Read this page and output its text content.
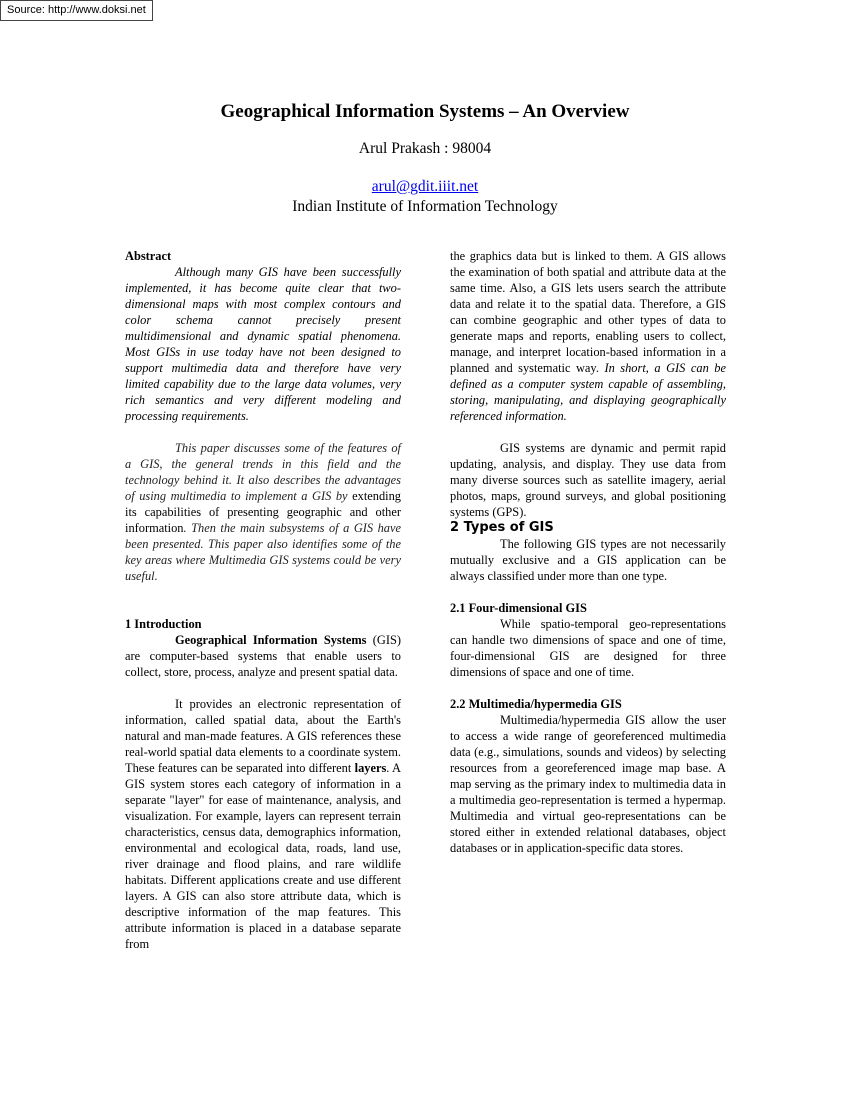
Source: http://www.doksi.net
Geographical Information Systems – An Overview
Arul Prakash : 98004
arul@gdit.iiit.net
Indian Institute of Information Technology

Abstract

Although many GIS have been successfully implemented, it has become quite clear that two-dimensional maps with most complex contours and color schema cannot precisely present multidimensional and dynamic spatial phenomena. Most GISs in use today have not been designed to support multimedia data and therefore have very limited capability due to the large data volumes, very rich semantics and very different modeling and processing requirements.

This paper discusses some of the features of a GIS, the general trends in this field and the technology behind it. It also describes the advantages of using multimedia to implement a GIS by extending its capabilities of presenting geographic and other information. Then the main subsystems of a GIS have been presented. This paper also identifies some of the key areas where Multimedia GIS systems could be very useful.

1 Introduction

Geographical Information Systems (GIS) are computer-based systems that enable users to collect, store, process, analyze and present spatial data.

It provides an electronic representation of information, called spatial data, about the Earth's natural and man-made features. A GIS references these real-world spatial data elements to a coordinate system. These features can be separated into different layers. A GIS system stores each category of information in a separate "layer" for ease of maintenance, analysis, and visualization. For example, layers can represent terrain characteristics, census data, demographics information, environmental and ecological data, roads, land use, river drainage and flood plains, and rare wildlife habitats. Different applications create and use different layers. A GIS can also store attribute data, which is descriptive information of the map features. This attribute information is placed in a database separate from

the graphics data but is linked to them. A GIS allows the examination of both spatial and attribute data at the same time. Also, a GIS lets users search the attribute data and relate it to the spatial data. Therefore, a GIS can combine geographic and other types of data to generate maps and reports, enabling users to collect, manage, and interpret location-based information in a planned and systematic way. In short, a GIS can be defined as a computer system capable of assembling, storing, manipulating, and displaying geographically referenced information.

GIS systems are dynamic and permit rapid updating, analysis, and display. They use data from many diverse sources such as satellite imagery, aerial photos, maps, ground surveys, and global positioning systems (GPS).

2 Types of GIS

The following GIS types are not necessarily mutually exclusive and a GIS application can be always classified under more than one type.

2.1 Four-dimensional GIS

While spatio-temporal geo-representations can handle two dimensions of space and one of time, four-dimensional GIS are designed for three dimensions of space and one of time.

2.2 Multimedia/hypermedia GIS

Multimedia/hypermedia GIS allow the user to access a wide range of georeferenced multimedia data (e.g., simulations, sounds and videos) by selecting resources from a georeferenced image map base. A map serving as the primary index to multimedia data in a multimedia geo-representation is termed a hypermap. Multimedia and virtual geo-representations can be stored either in extended relational databases, object databases or in application-specific data stores.
